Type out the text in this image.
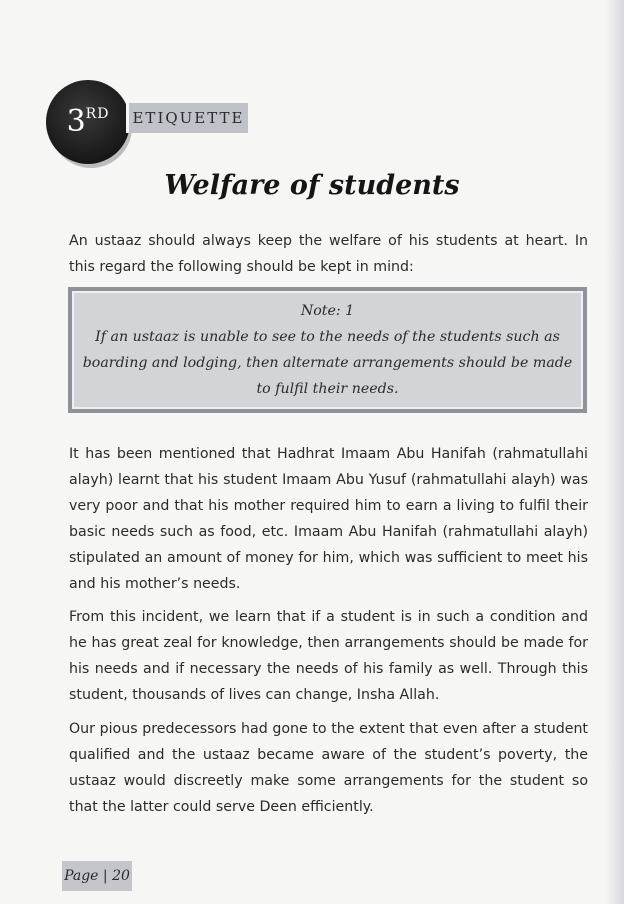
3 RD ETIQUETTE
Welfare of students

An ustaaz should always keep the welfare of his students at heart. In this regard the following should be kept in mind:

Note: 1
If an ustaaz is unable to see to the needs of the students such as boarding and lodging, then alternate arrangements should be made to fulfil their needs.

It has been mentioned that Hadhrat Imaam Abu Hanifah (rahmatullahi alayh) learnt that his student Imaam Abu Yusuf (rahmatullahi alayh) was very poor and that his mother required him to earn a living to fulfil their basic needs such as food, etc. Imaam Abu Hanifah (rahmatullahi alayh) stipulated an amount of money for him, which was sufficient to meet his and his mother’s needs.

From this incident, we learn that if a student is in such a condition and he has great zeal for knowledge, then arrangements should be made for his needs and if necessary the needs of his family as well. Through this student, thousands of lives can change, Insha Allah.

Our pious predecessors had gone to the extent that even after a student qualified and the ustaaz became aware of the student’s poverty, the ustaaz would discreetly make some arrangements for the student so that the latter could serve Deen efficiently.

Page | 20
